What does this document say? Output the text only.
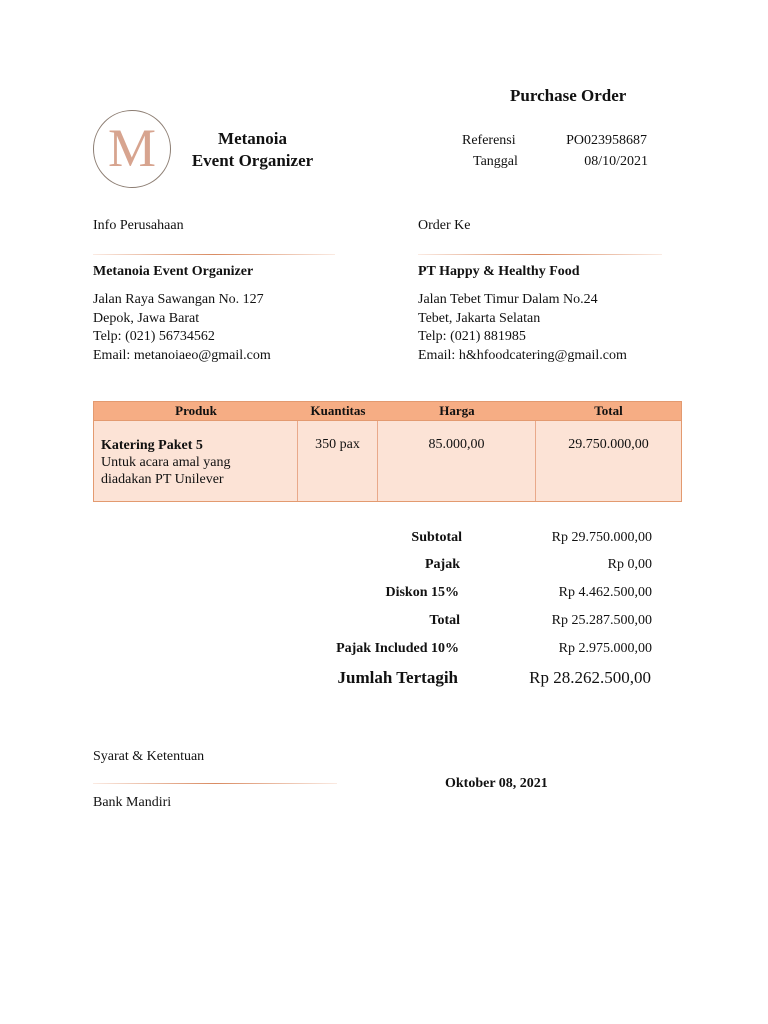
Purchase Order
M	Metanoia
Event Organizer
Referensi	PO023958687
Tanggal	08/10/2021
Info Perusahaan
Metanoia Event Organizer
Jalan Raya Sawangan No. 127
Depok, Jawa Barat
Telp: (021) 56734562
Email: metanoiaeo@gmail.com
Order Ke
PT Happy & Healthy Food
Jalan Tebet Timur Dalam No.24
Tebet, Jakarta Selatan
Telp: (021) 881985
Email: h&hfoodcatering@gmail.com
Produk	Kuantitas	Harga	Total
Katering Paket 5
Untuk acara amal yang
diadakan PT Unilever
350 pax	85.000,00	29.750.000,00
Subtotal	Rp 29.750.000,00
Pajak	Rp 0,00
Diskon 15%	Rp 4.462.500,00
Total	Rp 25.287.500,00
Pajak Included 10%	Rp 2.975.000,00
Jumlah Tertagih	Rp 28.262.500,00
Syarat & Ketentuan
Bank Mandiri
Oktober 08, 2021
